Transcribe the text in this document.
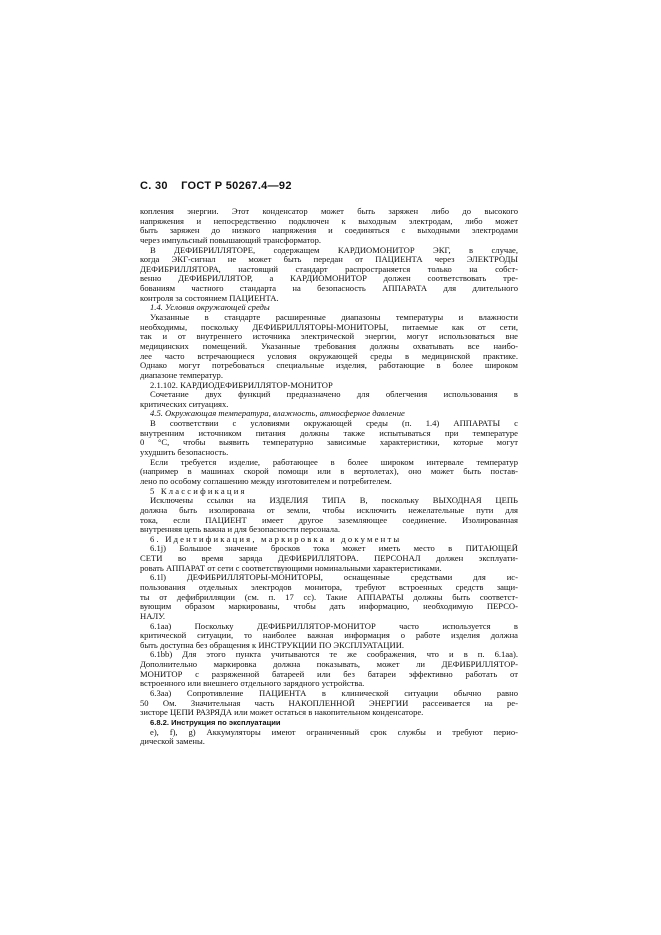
С. 30 ГОСТ Р 50267.4—92
копления энергии. Этот конденсатор может быть заряжен либо до высокого
напряжения и непосредственно подключен к выходным электродам, либо может
быть заряжен до низкого напряжения и соединяться с выходными электродами
через импульсный повышающий трансформатор.
В ДЕФИБРИЛЛЯТОРЕ, содержащем КАРДИОМОНИТОР ЭКГ, в случае,
когда ЭКГ-сигнал не может быть передан от ПАЦИЕНТА через ЭЛЕКТРОДЫ
ДЕФИБРИЛЛЯТОРА, настоящий стандарт распространяется только на собст-
венно ДЕФИБРИЛЛЯТОР, а КАРДИОМОНИТОР должен соответствовать тре-
бованиям частного стандарта на безопасность АППАРАТА для длительного
контроля за состоянием ПАЦИЕНТА.
1.4. Условия окружающей среды
Указанные в стандарте расширенные диапазоны температуры и влажности
необходимы, поскольку ДЕФИБРИЛЛЯТОРЫ-МОНИТОРЫ, питаемые как от сети,
так и от внутреннего источника электрической энергии, могут использоваться вне
медицинских помещений. Указанные требования должны охватывать все наибо-
лее часто встречающиеся условия окружающей среды в медицинской практике.
Однако могут потребоваться специальные изделия, работающие в более широком
диапазоне температур.
2.1.102. КАРДИОДЕФИБРИЛЛЯТОР-МОНИТОР
Сочетание двух функций предназначено для облегчения использования в
критических ситуациях.
4.5. Окружающая температура, влажность, атмосферное давление
В соответствии с условиями окружающей среды (п. 1.4) АППАРАТЫ с
внутренним источником питания должны также испытываться при температуре
0 °С, чтобы выявить температурно зависимые характеристики, которые могут
ухудшить безопасность.
Если требуется изделие, работающее в более широком интервале температур
(например в машинах скорой помощи или в вертолетах), оно может быть постав-
лено по особому соглашению между изготовителем и потребителем.
5 Классификация
Исключены ссылки на ИЗДЕЛИЯ ТИПА В, поскольку ВЫХОДНАЯ ЦЕПЬ
должна быть изолирована от земли, чтобы исключить нежелательные пути для
тока, если ПАЦИЕНТ имеет другое заземляющее соединение. Изолированная
внутренняя цепь важна и для безопасности персонала.
6. Идентификация, маркировка и документы
6.1j) Большое значение бросков тока может иметь место в ПИТАЮЩЕЙ
СЕТИ во время заряда ДЕФИБРИЛЛЯТОРА. ПЕРСОНАЛ должен эксплуати-
ровать АППАРАТ от сети с соответствующими номинальными характеристиками.
6.1l) ДЕФИБРИЛЛЯТОРЫ-МОНИТОРЫ, оснащенные средствами для ис-
пользования отдельных электродов монитора, требуют встроенных средств защи-
ты от дефибрилляции (см. п. 17 сс). Такие АППАРАТЫ должны быть соответст-
вующим образом маркированы, чтобы дать информацию, необходимую ПЕРСО-
НАЛУ.
6.1аа) Поскольку ДЕФИБРИЛЛЯТОР-МОНИТОР часто используется в
критической ситуации, то наиболее важная информация о работе изделия должна
быть доступна без обращения к ИНСТРУКЦИИ ПО ЭКСПЛУАТАЦИИ.
6.1bb) Для этого пункта учитываются те же соображения, что и в п. 6.1аа).
Дополнительно маркировка должна показывать, может ли ДЕФИБРИЛЛЯТОР-
МОНИТОР с разряженной батареей или без батареи эффективно работать от
встроенного или внешнего отдельного зарядного устройства.
6.3аа) Сопротивление ПАЦИЕНТА в клинической ситуации обычно равно
50 Ом. Значительная часть НАКОПЛЕННОЙ ЭНЕРГИИ рассеивается на ре-
зисторе ЦЕПИ РАЗРЯДА или может остаться в накопительном конденсаторе.
6.8.2. Инструкция по эксплуатации
e), f), g) Аккумуляторы имеют ограниченный срок службы и требуют перио-
дической замены.
